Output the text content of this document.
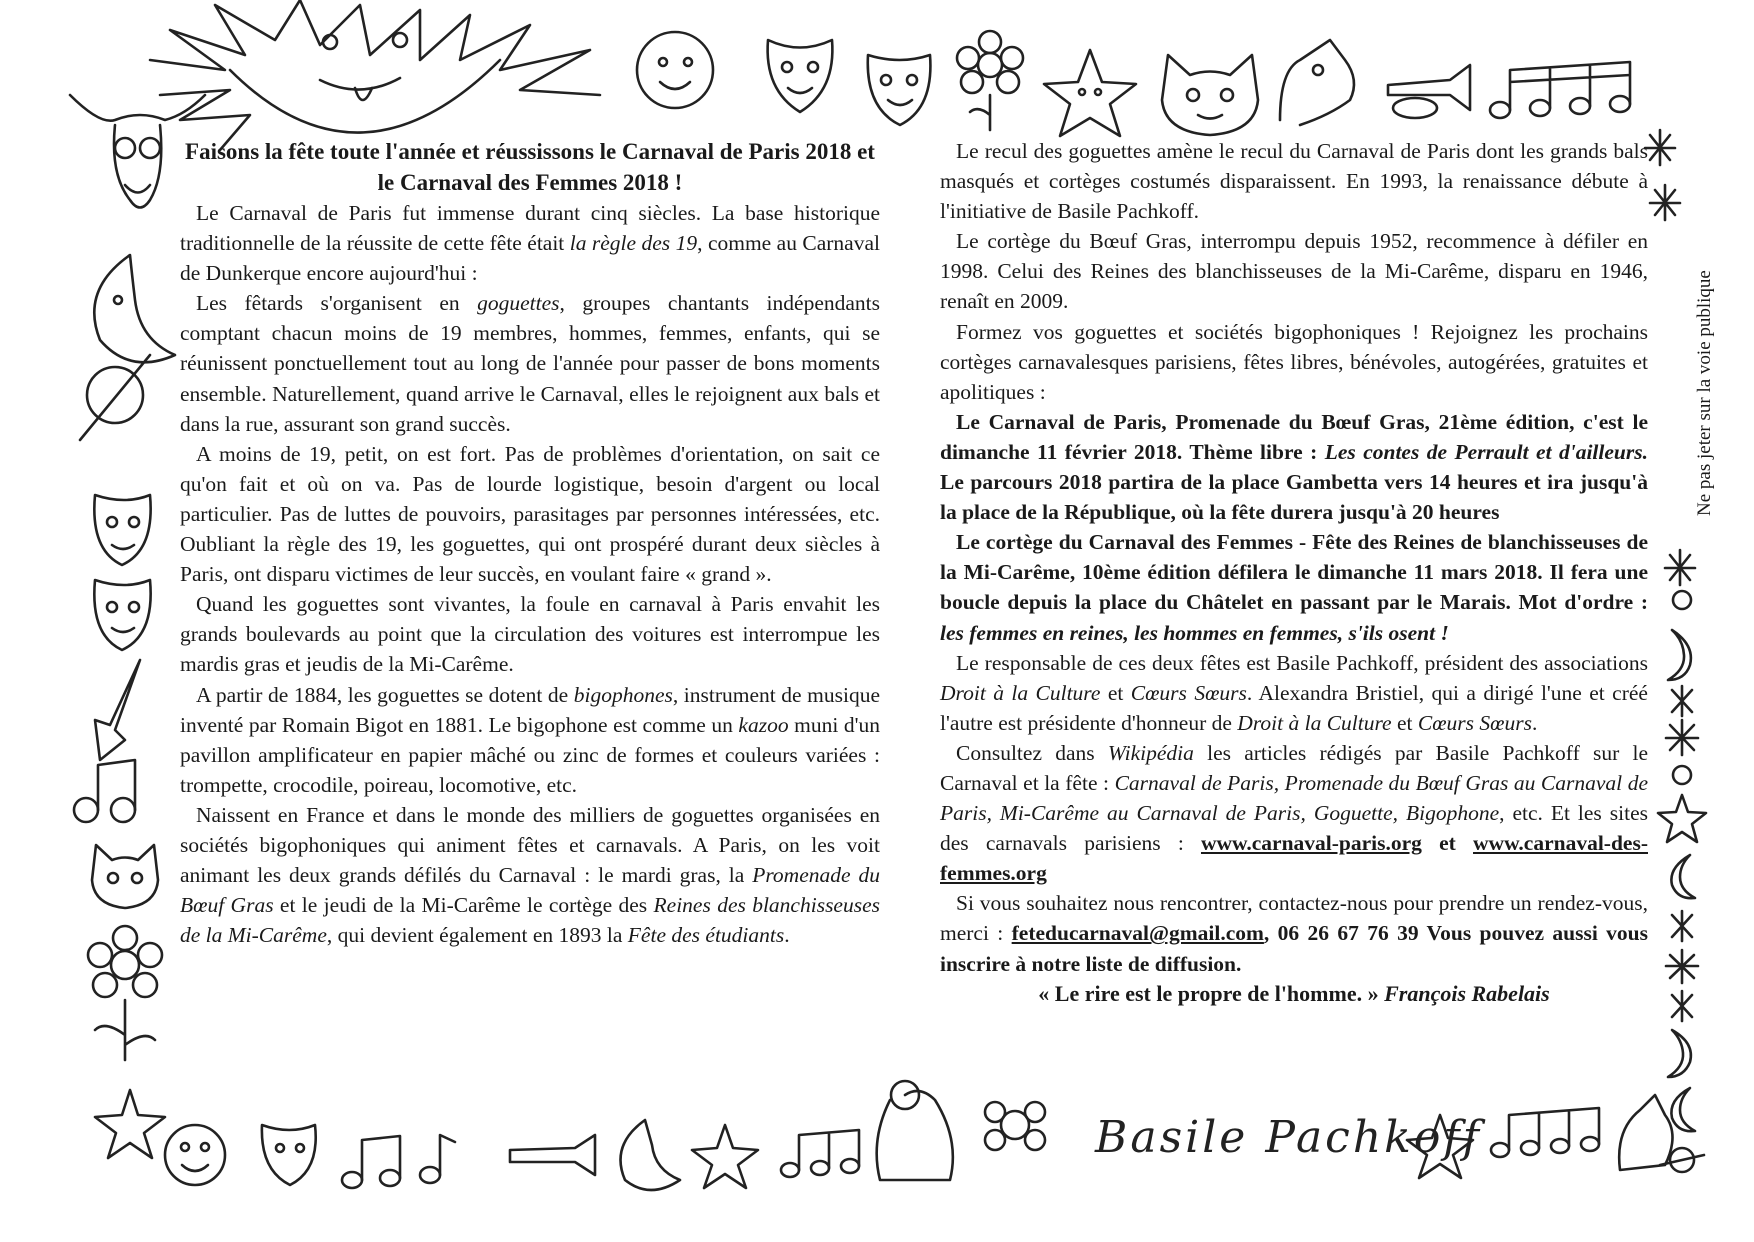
Faisons la fête toute l'année et réussissons le Carnaval de Paris 2018 et le Carnaval des Femmes 2018 !

Le Carnaval de Paris fut immense durant cinq siècles. La base historique traditionnelle de la réussite de cette fête était la règle des 19, comme au Carnaval de Dunkerque encore aujourd'hui :

Les fêtards s'organisent en goguettes, groupes chantants indépendants comptant chacun moins de 19 membres, hommes, femmes, enfants, qui se réunissent ponctuellement tout au long de l'année pour passer de bons moments ensemble. Naturellement, quand arrive le Carnaval, elles le rejoignent aux bals et dans la rue, assurant son grand succès.

A moins de 19, petit, on est fort. Pas de problèmes d'orientation, on sait ce qu'on fait et où on va. Pas de lourde logistique, besoin d'argent ou local particulier. Pas de luttes de pouvoirs, parasitages par personnes intéressées, etc. Oubliant la règle des 19, les goguettes, qui ont prospéré durant deux siècles à Paris, ont disparu victimes de leur succès, en voulant faire « grand ».

Quand les goguettes sont vivantes, la foule en carnaval à Paris envahit les grands boulevards au point que la circulation des voitures est interrompue les mardis gras et jeudis de la Mi-Carême.

A partir de 1884, les goguettes se dotent de bigophones, instrument de musique inventé par Romain Bigot en 1881. Le bigophone est comme un kazoo muni d'un pavillon amplificateur en papier mâché ou zinc de formes et couleurs variées : trompette, crocodile, poireau, locomotive, etc.

Naissent en France et dans le monde des milliers de goguettes organisées en sociétés bigophoniques qui animent fêtes et carnavals. A Paris, on les voit animant les deux grands défilés du Carnaval : le mardi gras, la Promenade du Bœuf Gras et le jeudi de la Mi-Carême le cortège des Reines des blanchisseuses de la Mi-Carême, qui devient également en 1893 la Fête des étudiants.

Le recul des goguettes amène le recul du Carnaval de Paris dont les grands bals masqués et cortèges costumés disparaissent. En 1993, la renaissance débute à l'initiative de Basile Pachkoff.

Le cortège du Bœuf Gras, interrompu depuis 1952, recommence à défiler en 1998. Celui des Reines des blanchisseuses de la Mi-Carême, disparu en 1946, renaît en 2009.

Formez vos goguettes et sociétés bigophoniques ! Rejoignez les prochains cortèges carnavalesques parisiens, fêtes libres, bénévoles, autogérées, gratuites et apolitiques :

Le Carnaval de Paris, Promenade du Bœuf Gras, 21ème édition, c'est le dimanche 11 février 2018. Thème libre : Les contes de Perrault et d'ailleurs. Le parcours 2018 partira de la place Gambetta vers 14 heures et ira jusqu'à la place de la République, où la fête durera jusqu'à 20 heures

Le cortège du Carnaval des Femmes - Fête des Reines de blanchisseuses de la Mi-Carême, 10ème édition défilera le dimanche 11 mars 2018. Il fera une boucle depuis la place du Châtelet en passant par le Marais. Mot d'ordre : les femmes en reines, les hommes en femmes, s'ils osent !

Le responsable de ces deux fêtes est Basile Pachkoff, président des associations Droit à la Culture et Cœurs Sœurs. Alexandra Bristiel, qui a dirigé l'une et créé l'autre est présidente d'honneur de Droit à la Culture et Cœurs Sœurs.

Consultez dans Wikipédia les articles rédigés par Basile Pachkoff sur le Carnaval et la fête : Carnaval de Paris, Promenade du Bœuf Gras au Carnaval de Paris, Mi-Carême au Carnaval de Paris, Goguette, Bigophone, etc. Et les sites des carnavals parisiens : www.carnaval-paris.org et www.carnaval-des-femmes.org

Si vous souhaitez nous rencontrer, contactez-nous pour prendre un rendez-vous, merci : feteducarnaval@gmail.com, 06 26 67 76 39 Vous pouvez aussi vous inscrire à notre liste de diffusion.

« Le rire est le propre de l'homme. » François Rabelais

Ne pas jeter sur la voie publique
Basile Pachkoff
